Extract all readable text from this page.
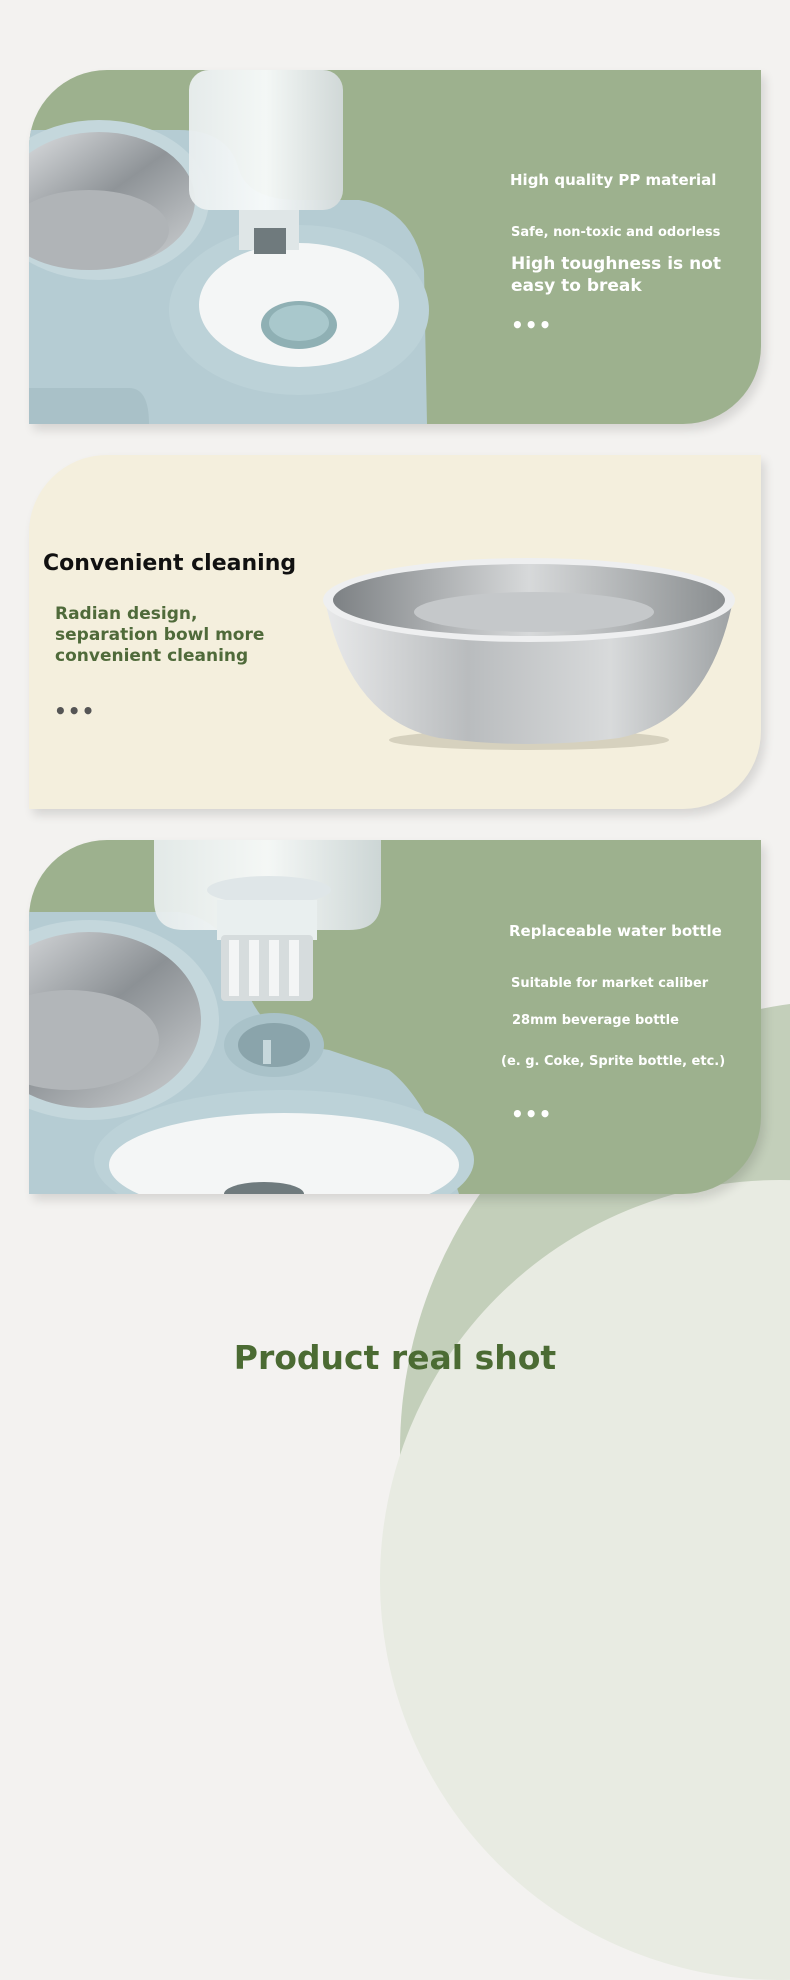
High quality PP material
Safe, non-toxic and odorless
High toughness is not easy to break
•••
Convenient cleaning
Radian design, separation bowl more convenient cleaning
•••
Replaceable water bottle
Suitable for market caliber
28mm beverage bottle
(e. g. Coke, Sprite bottle, etc.)
•••
Product real shot
